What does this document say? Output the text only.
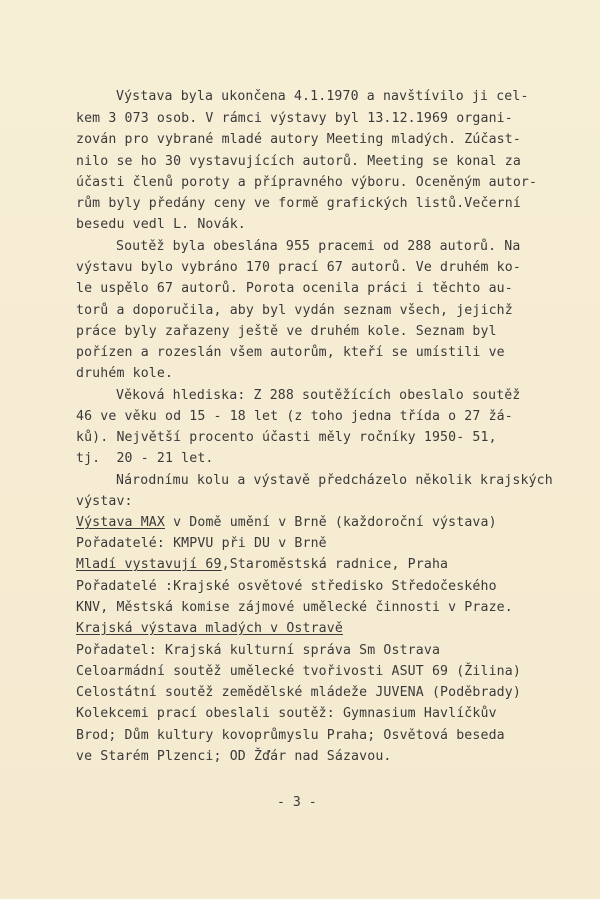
Výstava byla ukončena 4.1.1970 a navštívilo ji cel-
kem 3 073 osob. V rámci výstavy byl 13.12.1969 organi-
zován pro vybrané mladé autory Meeting mladých. Zúčast-
nilo se ho 30 vystavujících autorů. Meeting se konal za
účasti členů poroty a přípravného výboru. Oceněným autor-
rům byly předány ceny ve formě grafických listů.Večerní
besedu vedl L. Novák.
Soutěž byla obeslána 955 pracemi od 288 autorů. Na
výstavu bylo vybráno 170 prací 67 autorů. Ve druhém ko-
le uspělo 67 autorů. Porota ocenila práci i těchto au-
torů a doporučila, aby byl vydán seznam všech, jejichž
práce byly zařazeny ještě ve druhém kole. Seznam byl
pořízen a rozeslán všem autorům, kteří se umístili ve
druhém kole.
Věková hlediska: Z 288 soutěžících obeslalo soutěž
46 ve věku od 15 - 18 let (z toho jedna třída o 27 žá-
ků). Největší procento účasti měly ročníky 1950- 51,
tj.  20 - 21 let.
Národnímu kolu a výstavě předcházelo několik krajských
výstav:
Výstava MAX v Domě umění v Brně (každoroční výstava)
Pořadatelé: KMPVU při DU v Brně
Mladí vystavují 69,Staroměstská radnice, Praha
Pořadatelé :Krajské osvětové středisko Středočeského
KNV, Městská komise zájmové umělecké činnosti v Praze.
Krajská výstava mladých v Ostravě
Pořadatel: Krajská kulturní správa Sm Ostrava
Celoarmádní soutěž umělecké tvořivosti ASUT 69 (Žilina)
Celostátní soutěž zemědělské mládeže JUVENA (Poděbrady)
Kolekcemi prací obeslali soutěž: Gymnasium Havlíčkův
Brod; Dům kultury kovoprůmyslu Praha; Osvětová beseda
ve Starém Plzenci; OD Žďár nad Sázavou.
- 3 -
